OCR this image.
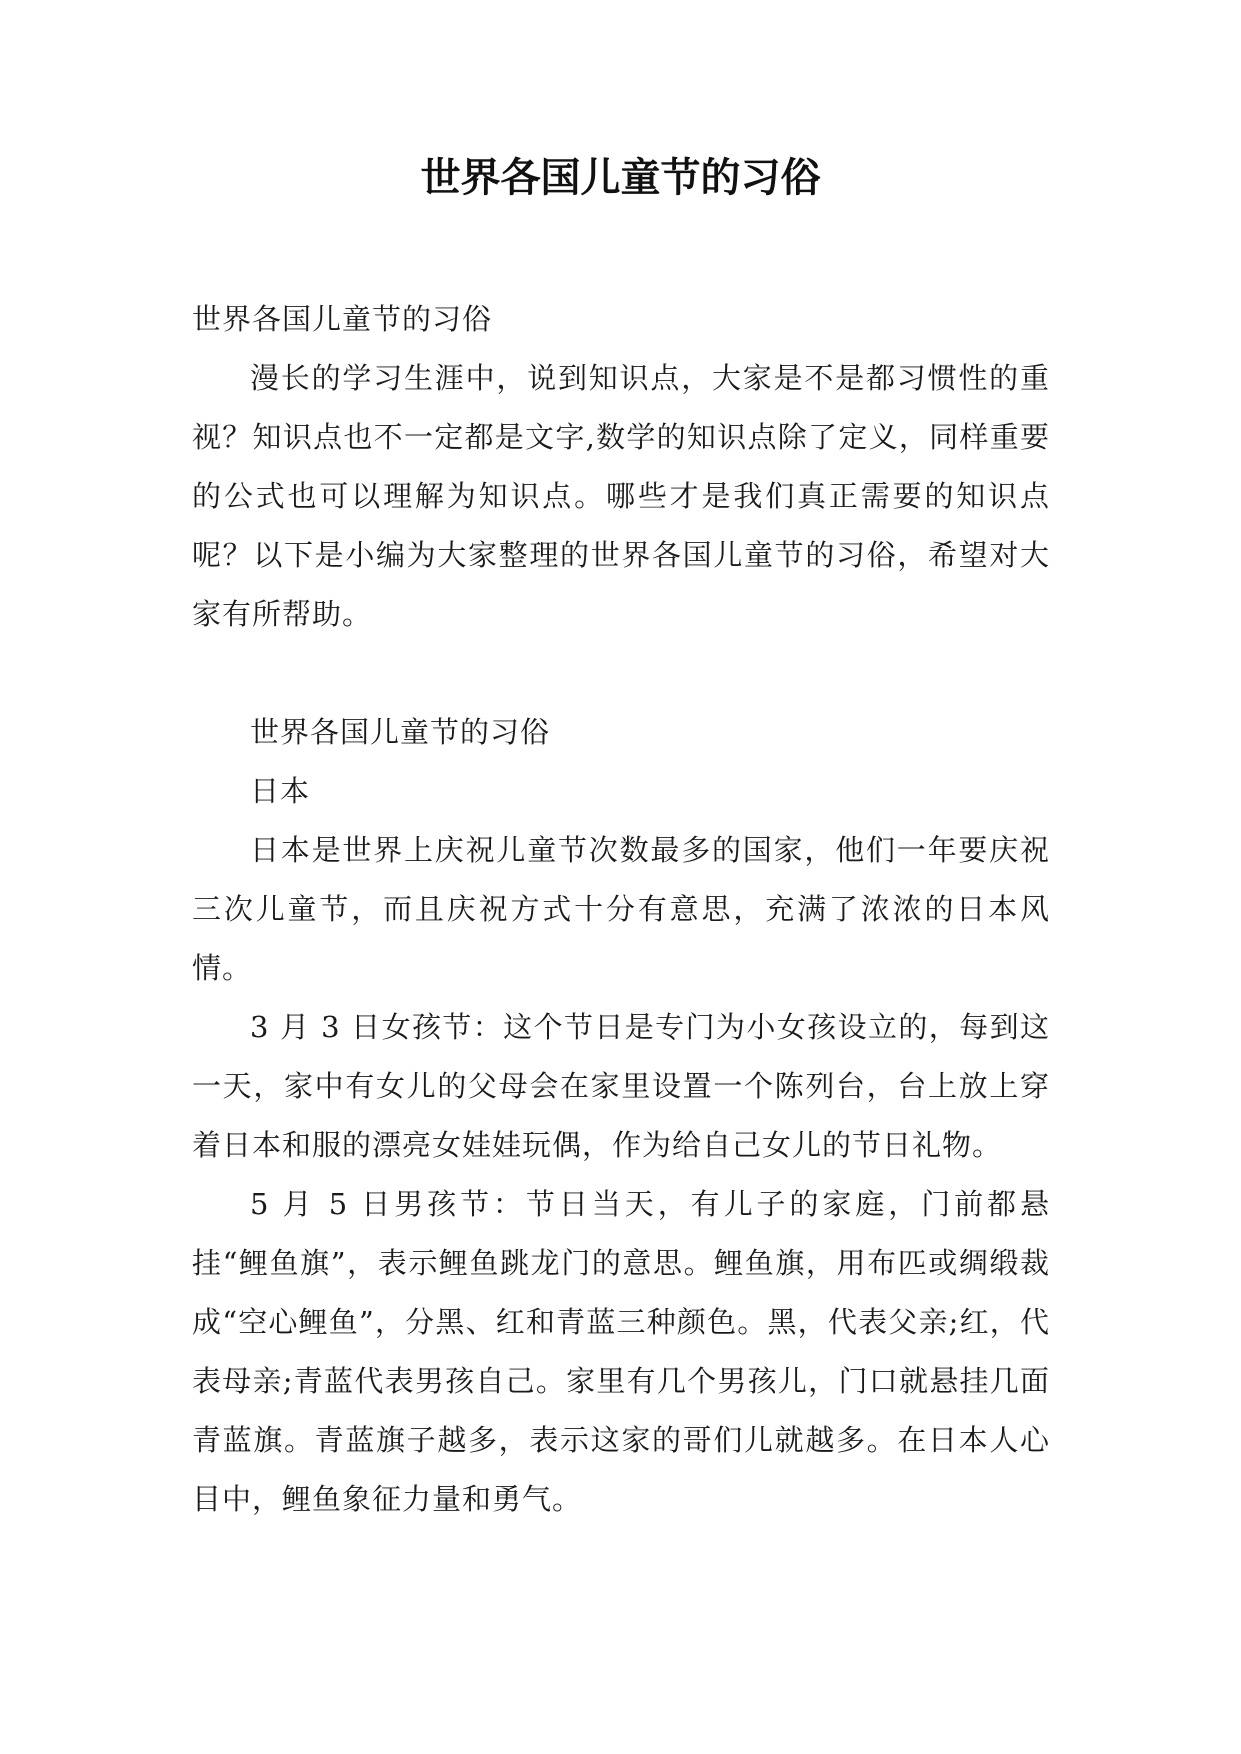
世界各国儿童节的习俗

世界各国儿童节的习俗

漫长的学习生涯中，说到知识点，大家是不是都习惯性的重视？知识点也不一定都是文字,数学的知识点除了定义，同样重要的公式也可以理解为知识点。哪些才是我们真正需要的知识点呢？以下是小编为大家整理的世界各国儿童节的习俗，希望对大家有所帮助。

世界各国儿童节的习俗

日本

日本是世界上庆祝儿童节次数最多的国家，他们一年要庆祝三次儿童节，而且庆祝方式十分有意思，充满了浓浓的日本风情。

3 月 3 日女孩节：这个节日是专门为小女孩设立的，每到这一天，家中有女儿的父母会在家里设置一个陈列台，台上放上穿着日本和服的漂亮女娃娃玩偶，作为给自己女儿的节日礼物。

5 月 5 日男孩节：节日当天，有儿子的家庭，门前都悬挂“鲤鱼旗”，表示鲤鱼跳龙门的意思。鲤鱼旗，用布匹或绸缎裁成“空心鲤鱼”，分黑、红和青蓝三种颜色。黑，代表父亲;红，代表母亲;青蓝代表男孩自己。家里有几个男孩儿，门口就悬挂几面青蓝旗。青蓝旗子越多，表示这家的哥们儿就越多。在日本人心目中，鲤鱼象征力量和勇气。
